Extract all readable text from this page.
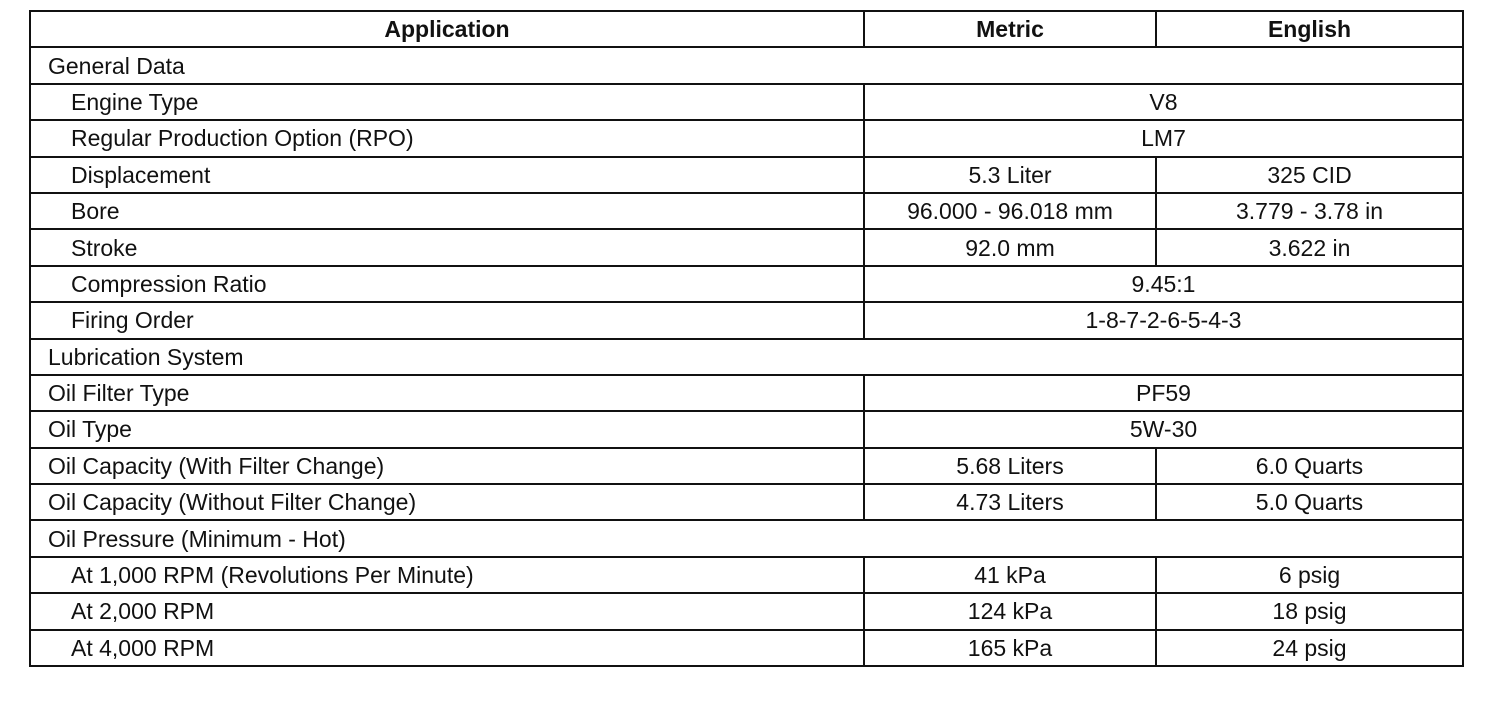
Application	Metric	English
General Data		
Engine Type	V8	
Regular Production Option (RPO)	LM7	
Displacement	5.3 Liter	325 CID
Bore	96.000 - 96.018 mm	3.779 - 3.78 in
Stroke	92.0 mm	3.622 in
Compression Ratio	9.45:1	
Firing Order	1-8-7-2-6-5-4-3	
Lubrication System		
Oil Filter Type	PF59	
Oil Type	5W-30	
Oil Capacity (With Filter Change)	5.68 Liters	6.0 Quarts
Oil Capacity (Without Filter Change)	4.73 Liters	5.0 Quarts
Oil Pressure (Minimum - Hot)		
At 1,000 RPM (Revolutions Per Minute)	41 kPa	6 psig
At 2,000 RPM	124 kPa	18 psig
At 4,000 RPM	165 kPa	24 psig
